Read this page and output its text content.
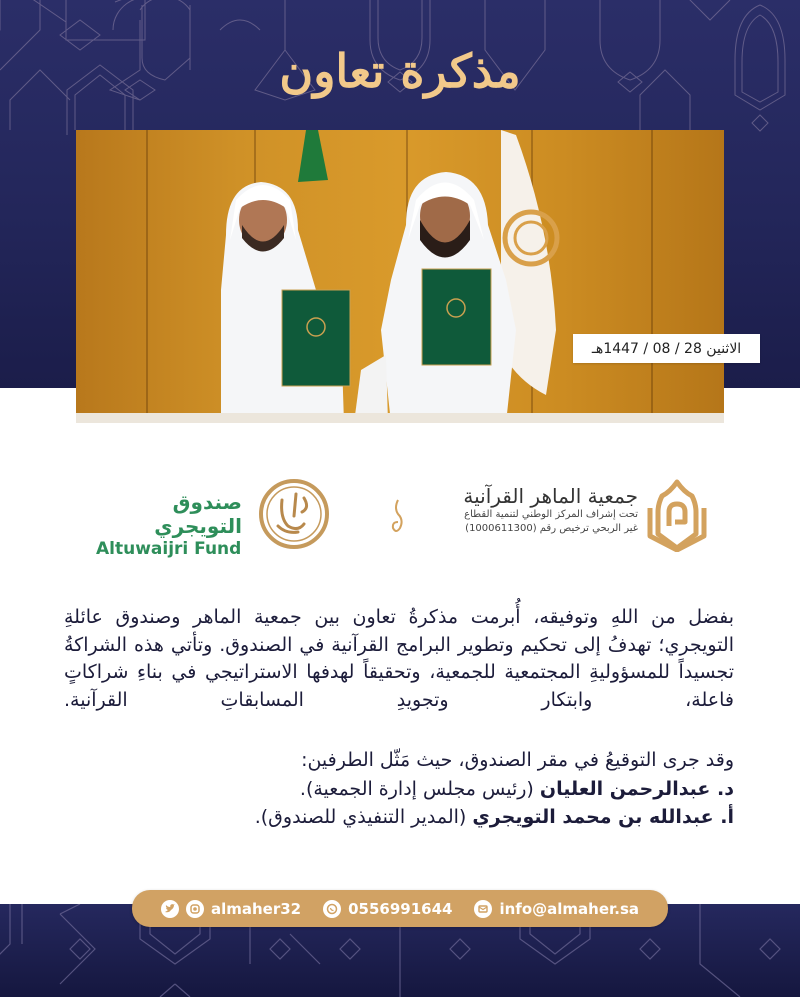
مذكرة تعاون
الاثنين 28 / 08 / 1447هـ
جمعية الماهر القرآنية
تحت إشراف المركز الوطني لتنمية القطاع
غير الربحي ترخيص رقم (1000611300)
صندوق التويجري
Altuwaijri Fund
بفضل من اللهِ وتوفيقه، أُبرمت مذكرةُ تعاون بين جمعية الماهر وصندوق عائلةِ التويجري؛ تهدفُ إلى تحكيم وتطوير البرامج القرآنية في الصندوق. وتأتي هذه الشراكةُ تجسيداً للمسؤوليةِ المجتمعية للجمعية، وتحقيقاً لهدفها الاستراتيجي في بناءِ شراكاتٍ فاعلة، وابتكار وتجويدِ المسابقاتِ القرآنية.
وقد جرى التوقيعُ في مقر الصندوق، حيث مَثّل الطرفين:
د. عبدالرحمن العليان (رئيس مجلس إدارة الجمعية).
أ. عبدالله بن محمد التويجري (المدير التنفيذي للصندوق).
almaher32	0556991644	info@almaher.sa
